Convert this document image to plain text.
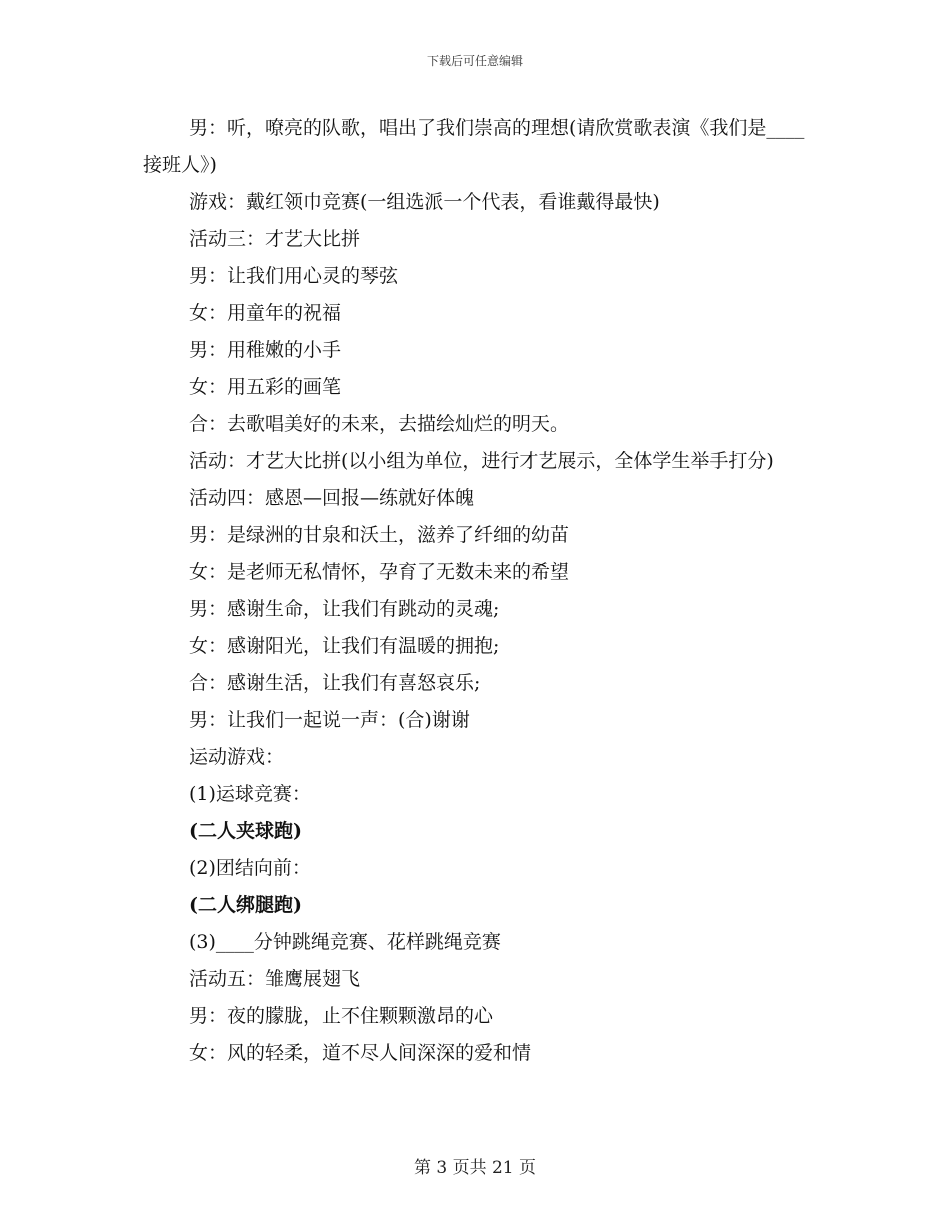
下载后可任意编辑

男：听，嘹亮的队歌，唱出了我们崇高的理想(请欣赏歌表演《我们是____接班人》)

游戏：戴红领巾竞赛(一组选派一个代表，看谁戴得最快)

活动三：才艺大比拼

男：让我们用心灵的琴弦

女：用童年的祝福

男：用稚嫩的小手

女：用五彩的画笔

合：去歌唱美好的未来，去描绘灿烂的明天。

活动：才艺大比拼(以小组为单位，进行才艺展示，全体学生举手打分)

活动四：感恩—回报—练就好体魄

男：是绿洲的甘泉和沃土，滋养了纤细的幼苗

女：是老师无私情怀，孕育了无数未来的希望

男：感谢生命，让我们有跳动的灵魂;

女：感谢阳光，让我们有温暖的拥抱;

合：感谢生活，让我们有喜怒哀乐;

男：让我们一起说一声：(合)谢谢

运动游戏：

(1)运球竞赛：

(二人夹球跑)

(2)团结向前：

(二人绑腿跑)

(3)____分钟跳绳竞赛、花样跳绳竞赛

活动五：雏鹰展翅飞

男：夜的朦胧，止不住颗颗激昂的心

女：风的轻柔，道不尽人间深深的爱和情

第 3 页共 21 页
